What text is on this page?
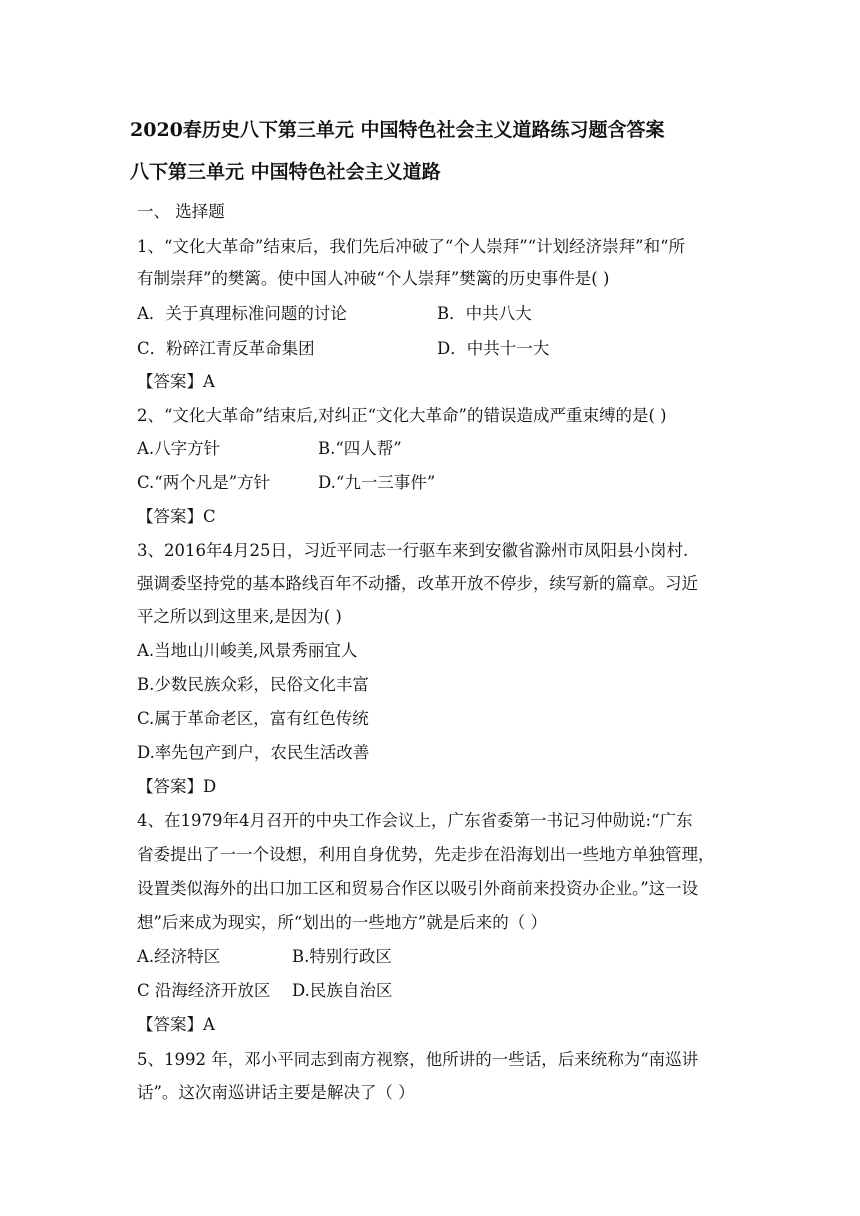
2020春历史八下第三单元 中国特色社会主义道路练习题含答案
八下第三单元 中国特色社会主义道路
一、 选择题
1、“文化大革命”结束后，我们先后冲破了“个人崇拜”“计划经济崇拜”和“所
有制崇拜”的樊篱。使中国人冲破“个人崇拜”樊篱的历史事件是( )
A．关于真理标准问题的讨论	B．中共八大
C．粉碎江青反革命集团	D．中共十一大
【答案】A
2、“文化大革命”结束后,对纠正“文化大革命”的错误造成严重束缚的是( )
A.八字方针	B.“四人帮”
C.“两个凡是”方针	D.“九一三事件”
【答案】C
3、2016年4月25日，习近平同志一行驱车来到安徽省滁州市凤阳县小岗村.
强调委坚持党的基本路线百年不动播，改革开放不停步，续写新的篇章。习近
平之所以到这里来,是因为( )
A.当地山川峻美,风景秀丽宜人
B.少数民族众彩，民俗文化丰富
C.属于革命老区，富有红色传统
D.率先包产到户，农民生活改善
【答案】D
4、在1979年4月召开的中央工作会议上，广东省委第一书记习仲勋说:“广东
省委提出了一一个设想，利用自身优势，先走步在沿海划出一些地方单独管理，
设置类似海外的出口加工区和贸易合作区以吸引外商前来投资办企业。”这一设
想”后来成为现实，所“划出的一些地方”就是后来的（ ）
A.经济特区	B.特别行政区
C 沿海经济开放区 D.民族自治区
【答案】A
5、1992 年，邓小平同志到南方视察，他所讲的一些话，后来统称为“南巡讲
话”。这次南巡讲话主要是解决了（ ）
